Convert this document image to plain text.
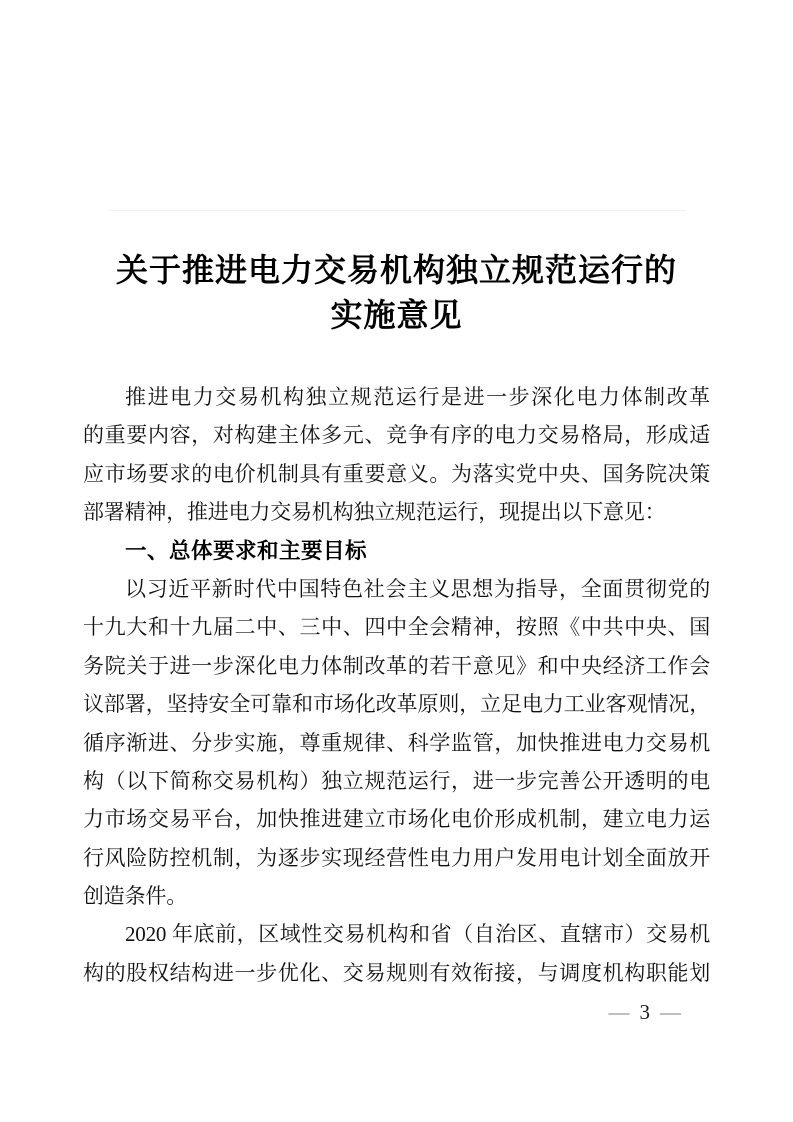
关于推进电力交易机构独立规范运行的
实施意见
推进电力交易机构独立规范运行是进一步深化电力体制改革
的重要内容，对构建主体多元、竞争有序的电力交易格局，形成适
应市场要求的电价机制具有重要意义。为落实党中央、国务院决策
部署精神，推进电力交易机构独立规范运行，现提出以下意见：
一、总体要求和主要目标
以习近平新时代中国特色社会主义思想为指导，全面贯彻党的
十九大和十九届二中、三中、四中全会精神，按照《中共中央、国
务院关于进一步深化电力体制改革的若干意见》和中央经济工作会
议部署，坚持安全可靠和市场化改革原则，立足电力工业客观情况，
循序渐进、分步实施，尊重规律、科学监管，加快推进电力交易机
构（以下简称交易机构）独立规范运行，进一步完善公开透明的电
力市场交易平台，加快推进建立市场化电价形成机制，建立电力运
行风险防控机制，为逐步实现经营性电力用户发用电计划全面放开
创造条件。
2020 年底前，区域性交易机构和省（自治区、直辖市）交易机
构的股权结构进一步优化、交易规则有效衔接，与调度机构职能划
— 3 —
